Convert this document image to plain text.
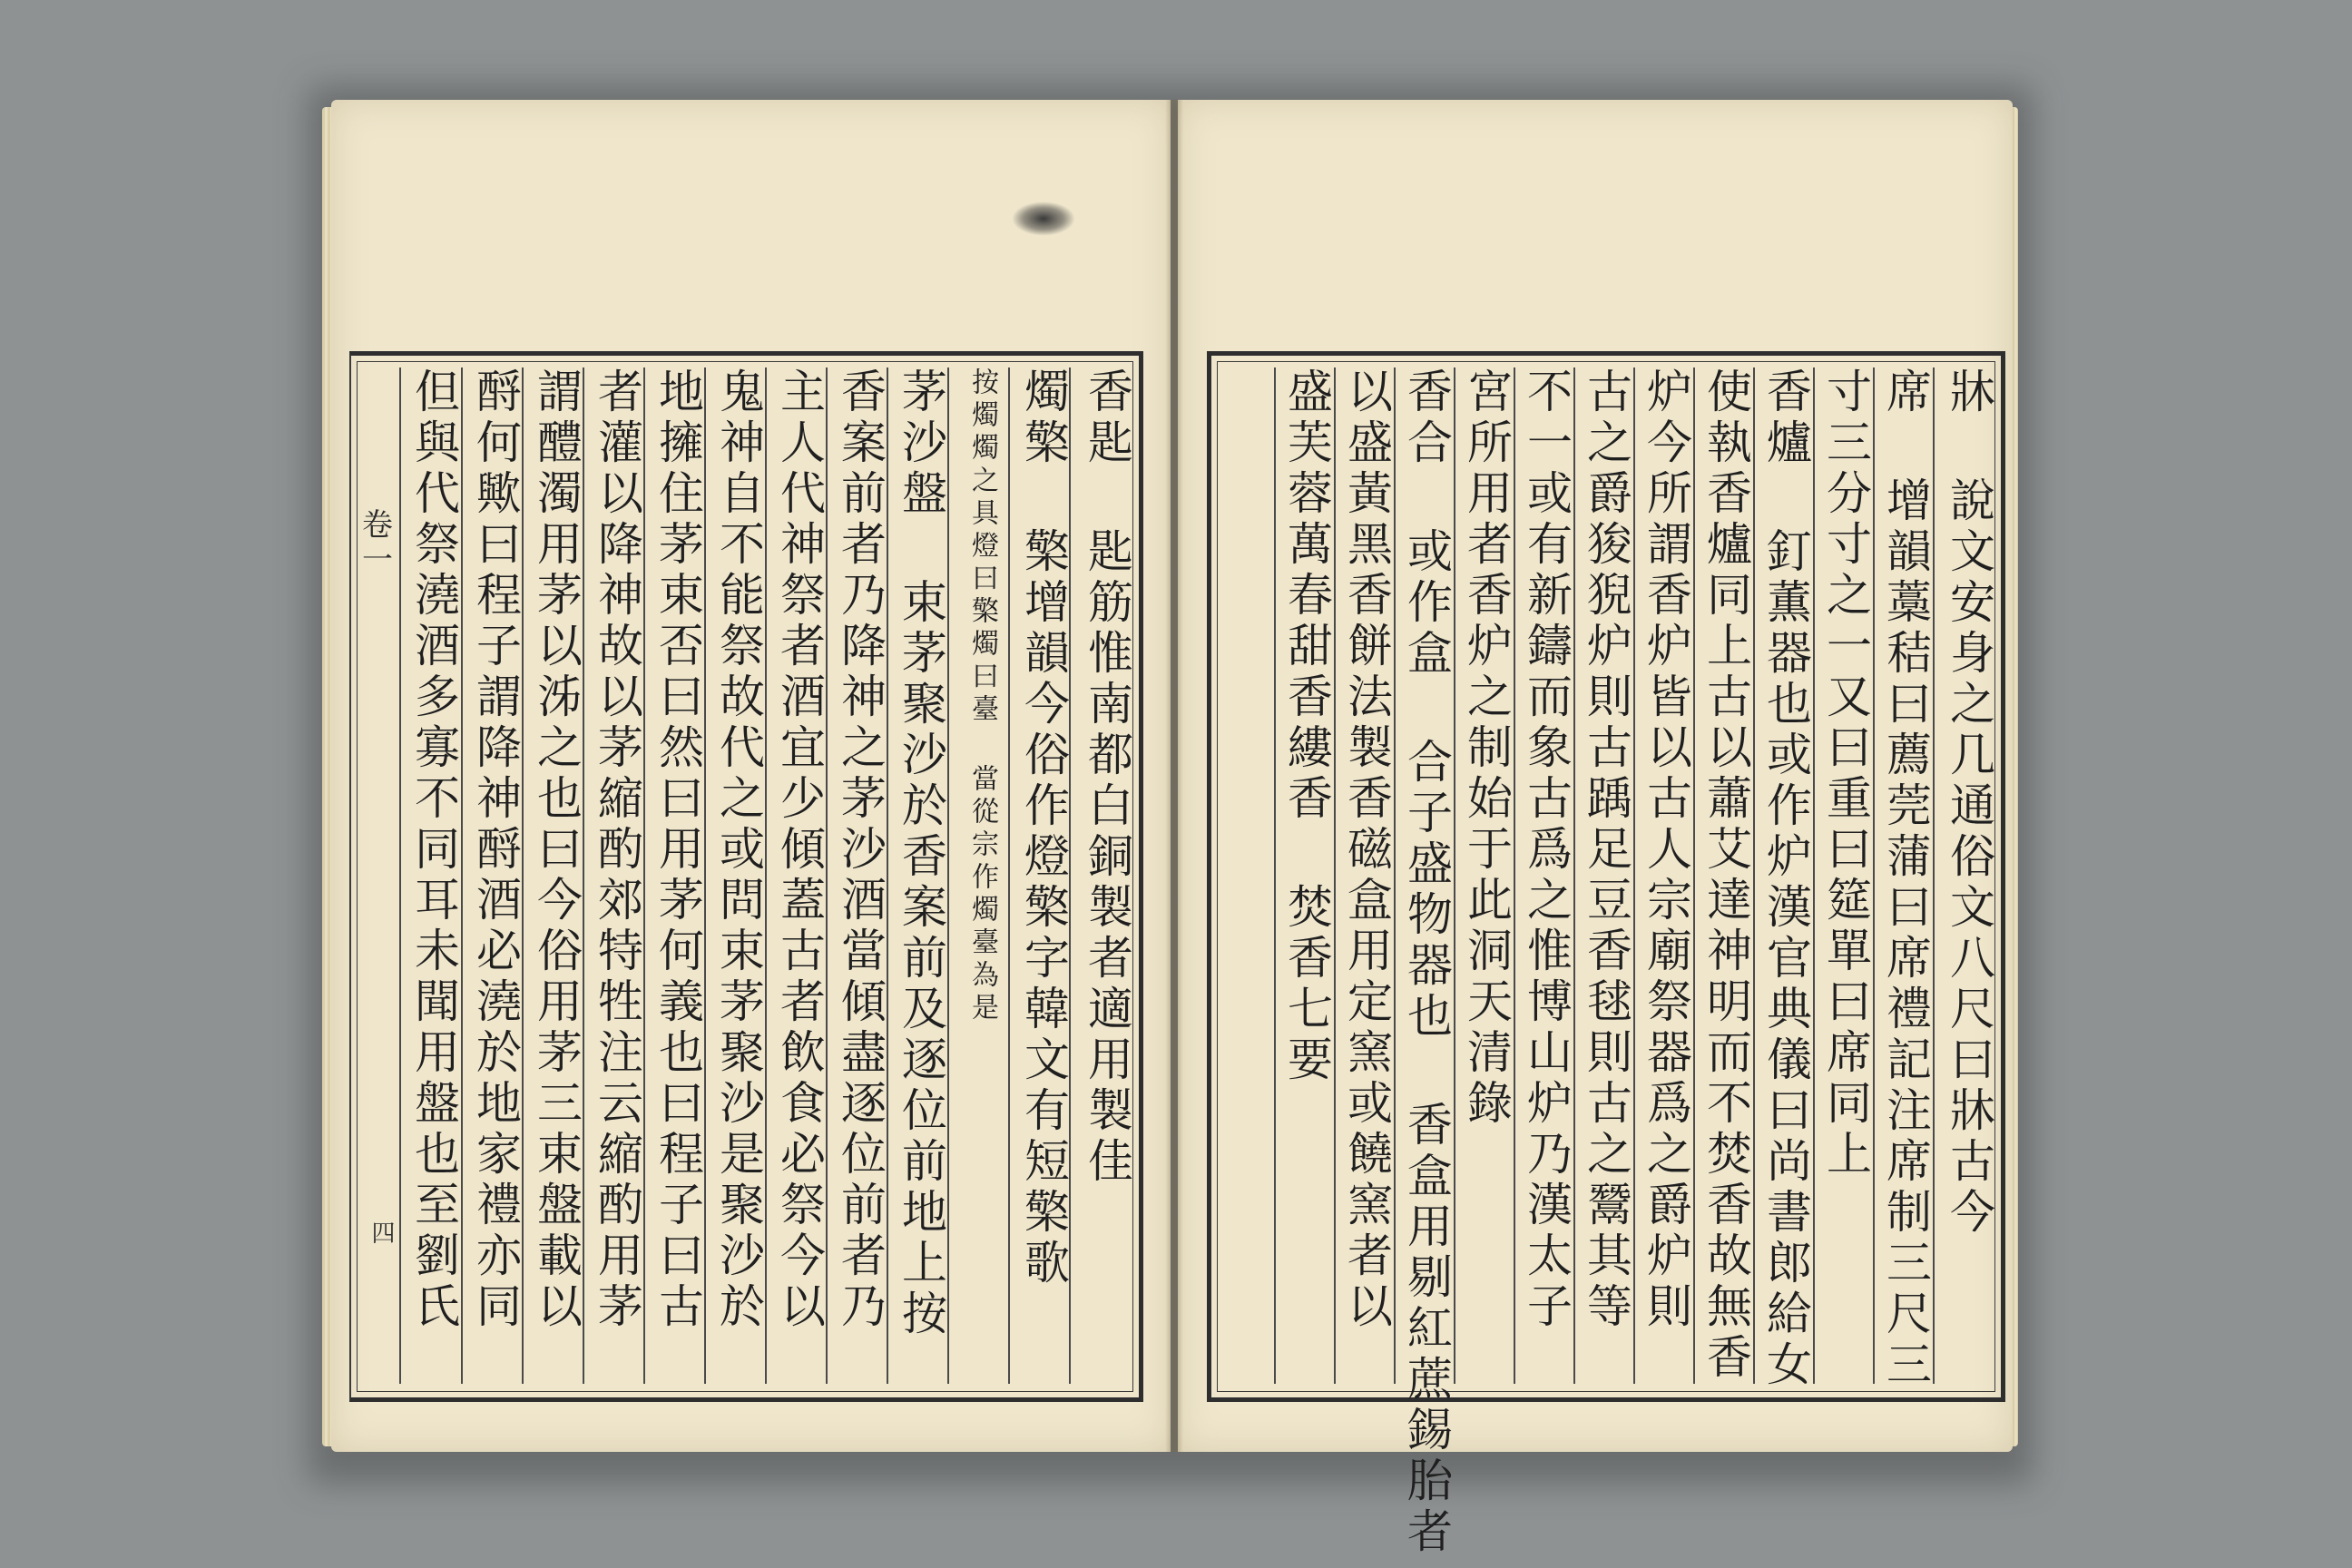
卷一
四
香匙 匙筋惟南都白銅製者適用製佳
燭檠 檠增韻今俗作燈檠字韓文有短檠歌
按燭燭之具燈曰檠燭曰臺 當從宗作燭臺為是
茅沙盤 束茅聚沙於香案前及逐位前地上按
香案前者乃降神之茅沙酒當傾盡逐位前者乃
主人代神祭者酒宜少傾蓋古者飲食必祭今以
鬼神自不能祭故代之或問束茅聚沙是聚沙於
地擁住茅束否曰然曰用茅何義也曰程子曰古
者灌以降神故以茅縮酌郊特牲注云縮酌用茅
謂醴濁用茅以泲之也曰今俗用茅三束盤載以
酹何歟曰程子謂降神酹酒必澆於地家禮亦同
但與代祭澆酒多寡不同耳未聞用盤也至劉氏	牀 說文安身之几通俗文八尺曰牀古今
席 增韻藁秸曰薦莞蒲曰席禮記注席制三尺三
寸三分寸之一又曰重曰筵單曰席同上
香爐 釘薫器也或作炉漢官典儀曰尚書郎給女
使執香爐同上古以蕭艾達神明而不焚香故無香
炉今所謂香炉皆以古人宗廟祭器爲之爵炉則
古之爵狻猊炉則古踽足豆香毬則古之鬵其等
不一或有新鑄而象古爲之惟博山炉乃漢太子
宮所用者香炉之制始于此洞天清錄
香合 或作盒 合子盛物器也 香盒用剔紅蔗錫胎者
以盛黃黑香餅法製香磁盒用定窯或饒窯者以
盛芙蓉萬春甜香縷香 焚香七要
